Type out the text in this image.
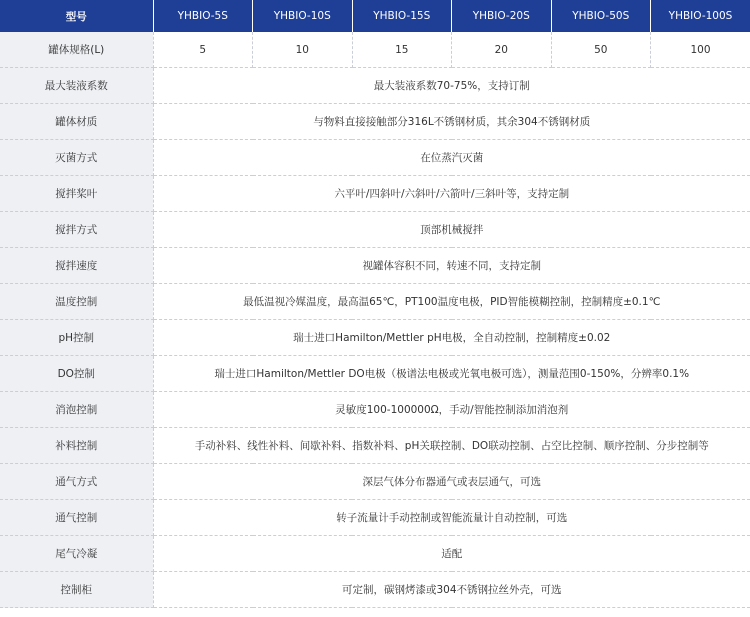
型号	YHBIO-5S	YHBIO-10S	YHBIO-15S	YHBIO-20S	YHBIO-50S	YHBIO-100S
罐体规格(L)	5	10	15	20	50	100
最大装液系数	最大装液系数70-75%，支持订制					
罐体材质	与物料直接接触部分316L不锈钢材质，其余304不锈钢材质					
灭菌方式	在位蒸汽灭菌					
搅拌桨叶	六平叶/四斜叶/六斜叶/六箭叶/三斜叶等，支持定制					
搅拌方式	顶部机械搅拌					
搅拌速度	视罐体容积不同，转速不同，支持定制					
温度控制	最低温视冷媒温度，最高温65℃，PT100温度电极，PID智能模糊控制，控制精度±0.1℃					
pH控制	瑞士进口Hamilton/Mettler pH电极，全自动控制，控制精度±0.02					
DO控制	瑞士进口Hamilton/Mettler DO电极（极谱法电极或光氧电极可选），测量范围0-150%，分辨率0.1%					
消泡控制	灵敏度100-100000Ω，手动/智能控制添加消泡剂					
补料控制	手动补料、线性补料、间歇补料、指数补料、pH关联控制、DO联动控制、占空比控制、顺序控制、分步控制等					
通气方式	深层气体分布器通气或表层通气，可选					
通气控制	转子流量计手动控制或智能流量计自动控制，可选					
尾气冷凝	适配					
控制柜	可定制，碳钢烤漆或304不锈钢拉丝外壳，可选					
